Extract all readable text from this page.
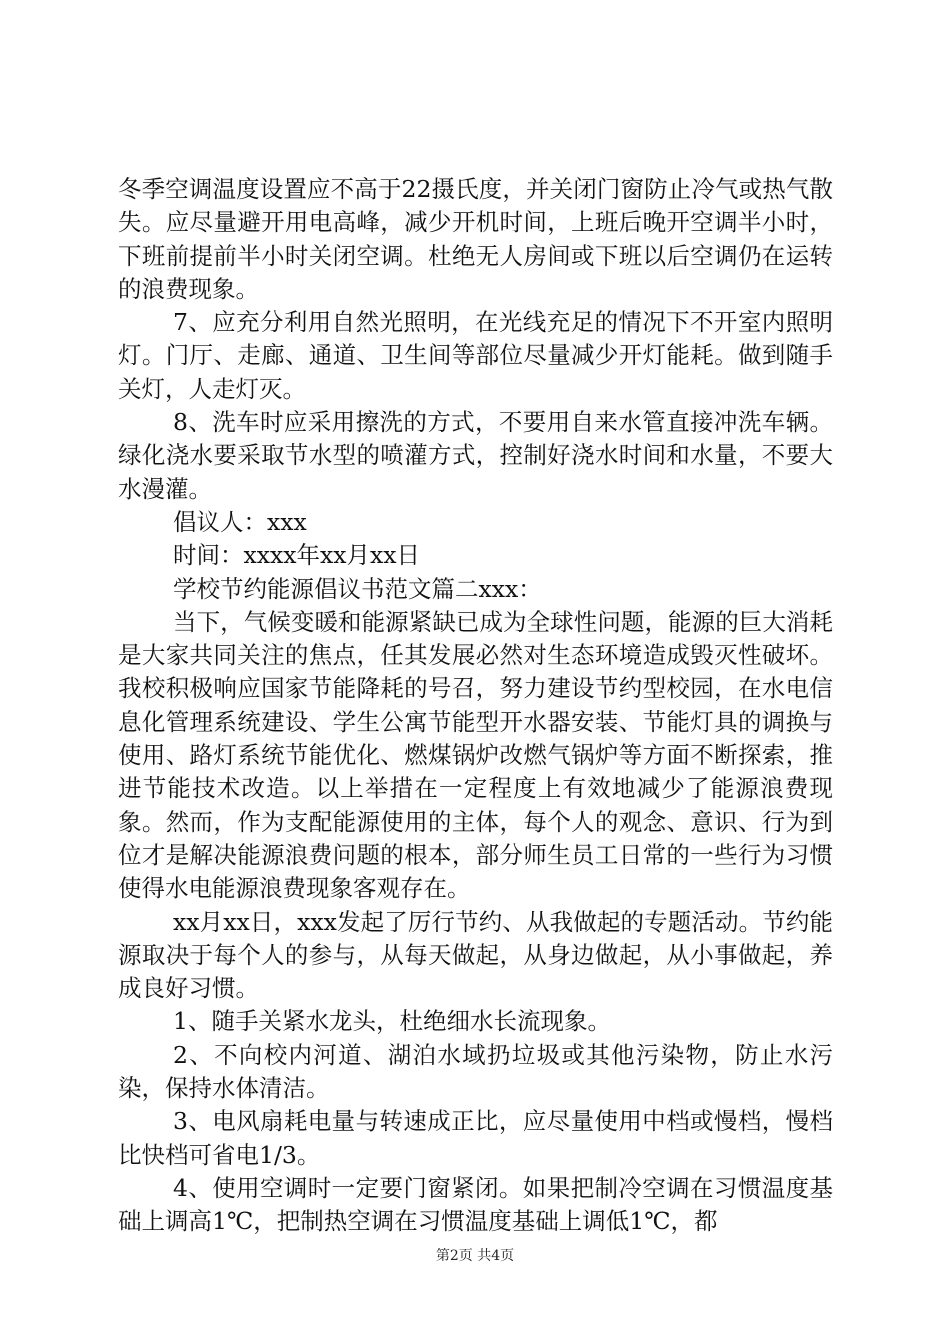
冬季空调温度设置应不高于22摄氏度，并关闭门窗防止冷气或热气散失。应尽量避开用电高峰，减少开机时间，上班后晚开空调半小时，下班前提前半小时关闭空调。杜绝无人房间或下班以后空调仍在运转的浪费现象。

7、应充分利用自然光照明，在光线充足的情况下不开室内照明灯。门厅、走廊、通道、卫生间等部位尽量减少开灯能耗。做到随手关灯，人走灯灭。

8、洗车时应采用擦洗的方式，不要用自来水管直接冲洗车辆。绿化浇水要采取节水型的喷灌方式，控制好浇水时间和水量，不要大水漫灌。

倡议人：xxx

时间：xxxx年xx月xx日

学校节约能源倡议书范文篇二xxx：

当下，气候变暖和能源紧缺已成为全球性问题，能源的巨大消耗是大家共同关注的焦点，任其发展必然对生态环境造成毁灭性破坏。我校积极响应国家节能降耗的号召，努力建设节约型校园，在水电信息化管理系统建设、学生公寓节能型开水器安装、节能灯具的调换与使用、路灯系统节能优化、燃煤锅炉改燃气锅炉等方面不断探索，推进节能技术改造。以上举措在一定程度上有效地减少了能源浪费现象。然而，作为支配能源使用的主体，每个人的观念、意识、行为到位才是解决能源浪费问题的根本，部分师生员工日常的一些行为习惯使得水电能源浪费现象客观存在。

xx月xx日，xxx发起了厉行节约、从我做起的专题活动。节约能源取决于每个人的参与，从每天做起，从身边做起，从小事做起，养成良好习惯。

1、随手关紧水龙头，杜绝细水长流现象。

2、不向校内河道、湖泊水域扔垃圾或其他污染物，防止水污染，保持水体清洁。

3、电风扇耗电量与转速成正比，应尽量使用中档或慢档，慢档比快档可省电1/3。

4、使用空调时一定要门窗紧闭。如果把制冷空调在习惯温度基础上调高1℃，把制热空调在习惯温度基础上调低1℃，都

第2页 共4页
